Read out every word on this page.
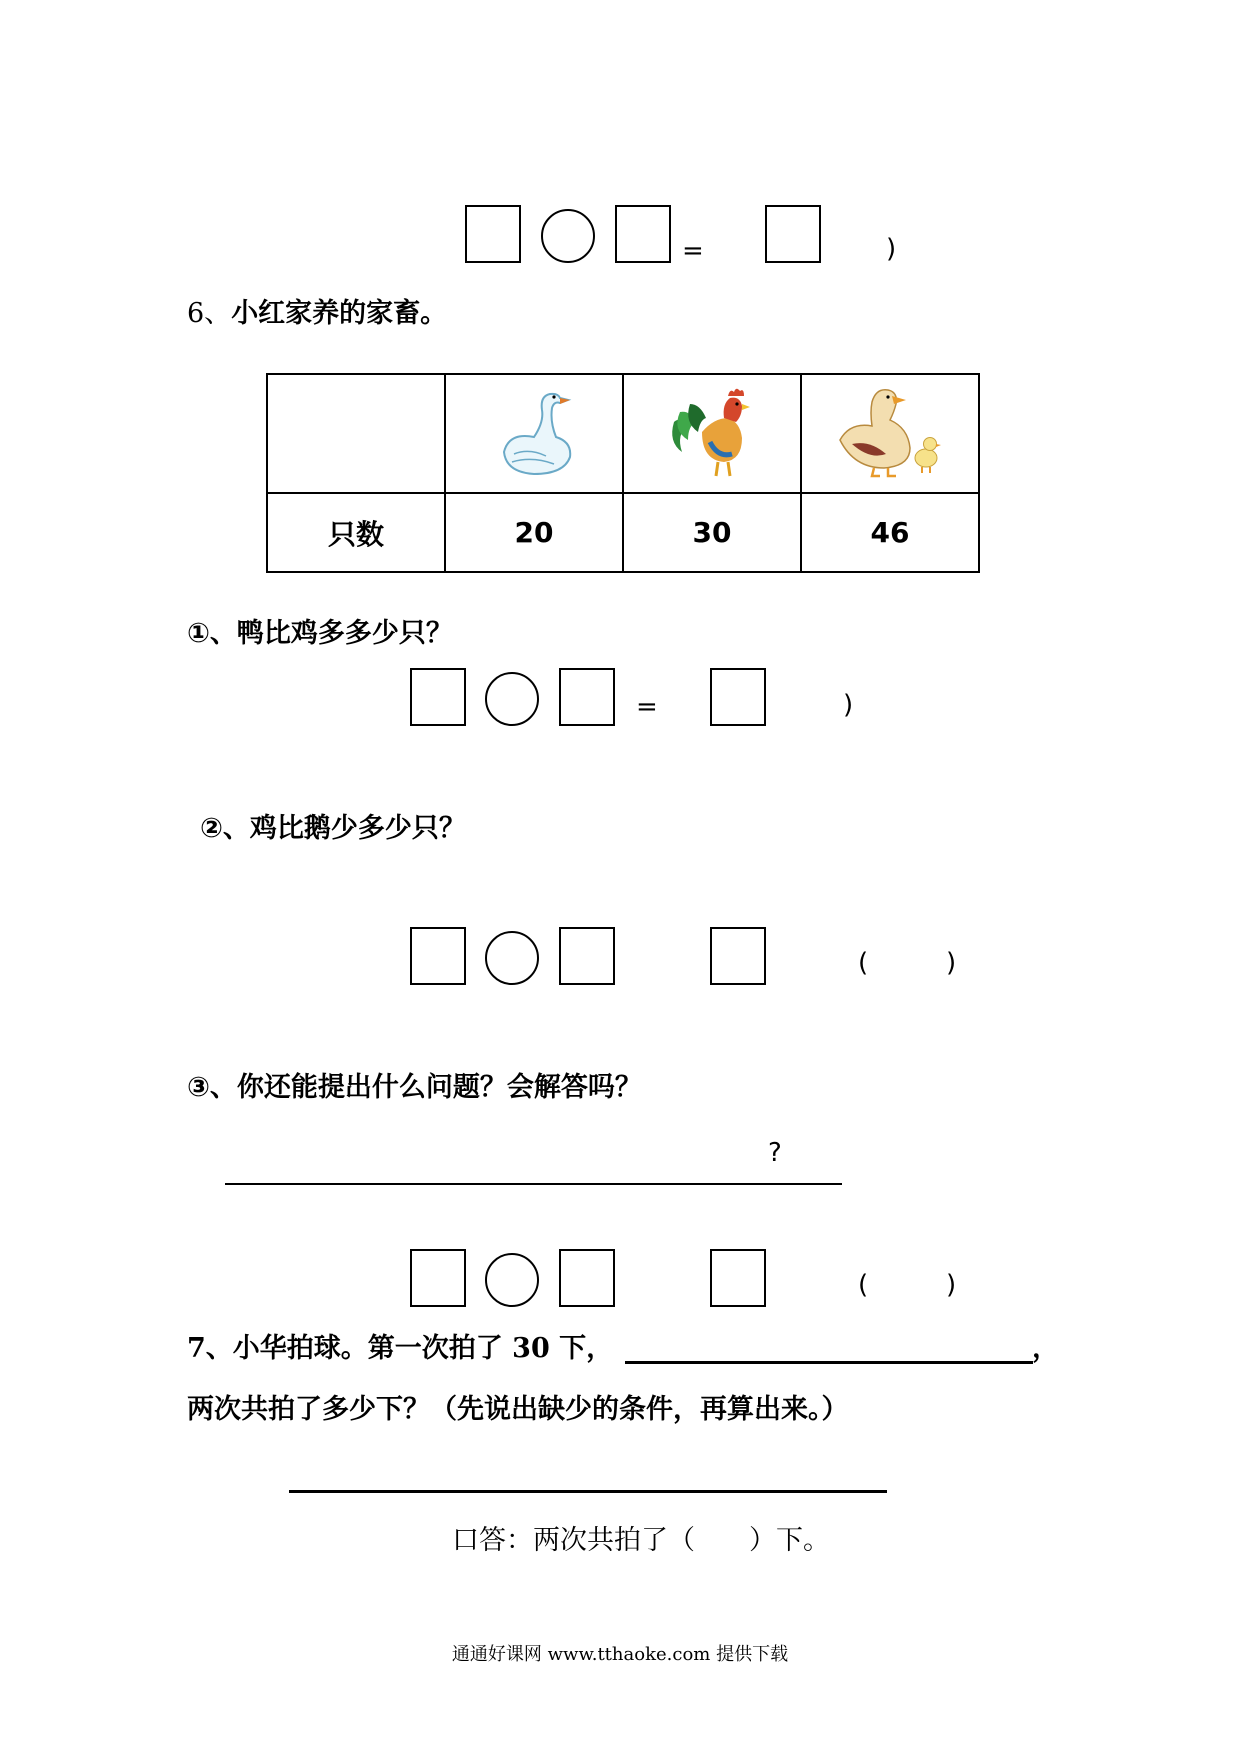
=	)
6、小红家养的家畜。

只数	20	30	46
①、鸭比鸡多多少只？
=	)
②、鸡比鹅少多少只？
(	)
③、你还能提出什么问题？会解答吗？
?
(	)
7、小华拍球。第一次拍了 30 下，	，
两次共拍了多少下？（先说出缺少的条件，再算出来。）
口答：两次共拍了（　　）下。
通通好课网 www.tthaoke.com 提供下载
